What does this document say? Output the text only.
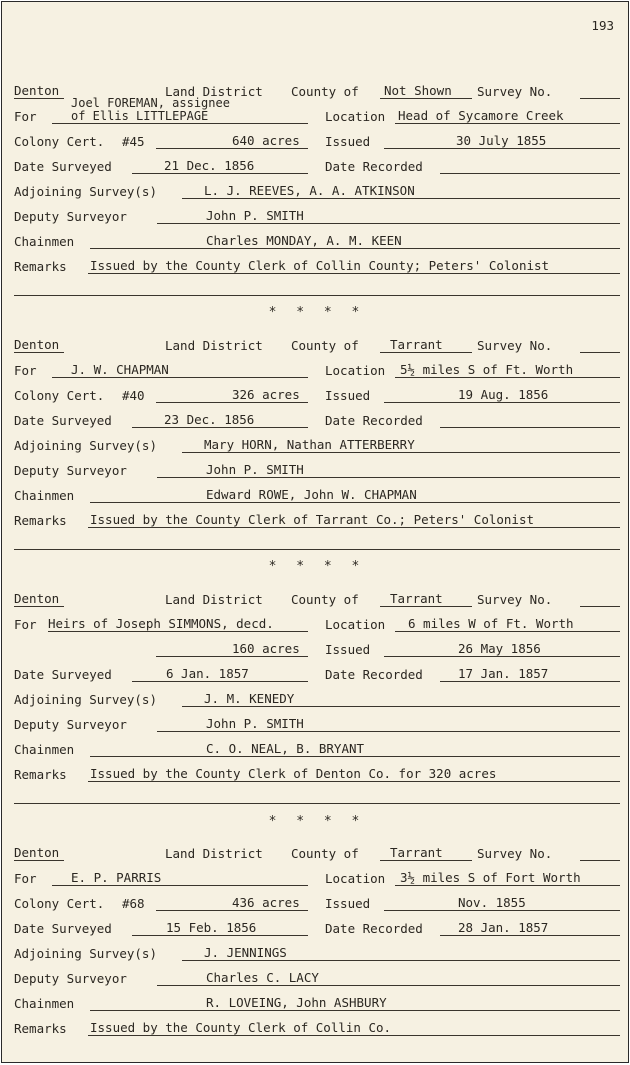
193
Denton	Land District County of Not Shown Survey No.
For
Joel FOREMAN, assignee
of Ellis LITTLEPAGE	Location Head of Sycamore Creek
Colony Cert. #45	640 acres Issued	30 July 1855
Date Surveyed	21 Dec. 1856	Date Recorded
Adjoining Survey(s)	L. J. REEVES, A. A. ATKINSON
Deputy Surveyor	John P. SMITH
Chainmen	Charles MONDAY, A. M. KEEN
Remarks Issued by the County Clerk of Collin County; Peters' Colonist
* * * *
Denton	Land District County of	Tarrant	Survey No.
For	J. W. CHAPMAN	Location 5½ miles S of Ft. Worth
Colony Cert. #40	326 acres Issued	19 Aug. 1856
Date Surveyed	23 Dec. 1856	Date Recorded
Adjoining Survey(s)	Mary HORN, Nathan ATTERBERRY
Deputy Surveyor	John P. SMITH
Chainmen	Edward ROWE, John W. CHAPMAN
Remarks Issued by the County Clerk of Tarrant Co.; Peters' Colonist
* * * *
Denton	Land District County of	Tarrant	Survey No.
For Heirs of Joseph SIMMONS, decd.	Location 6 miles W of Ft. Worth
160 acres Issued	26 May 1856
Date Surveyed	6 Jan. 1857	Date Recorded	17 Jan. 1857
Adjoining Survey(s)	J. M. KENEDY
Deputy Surveyor	John P. SMITH
Chainmen	C. O. NEAL, B. BRYANT
Remarks Issued by the County Clerk of Denton Co. for 320 acres
* * * *
Denton	Land District County of	Tarrant	Survey No.
For	E. P. PARRIS	Location 3½ miles S of Fort Worth
Colony Cert. #68	436 acres Issued	Nov. 1855
Date Surveyed	15 Feb. 1856	Date Recorded	28 Jan. 1857
Adjoining Survey(s)	J. JENNINGS
Deputy Surveyor	Charles C. LACY
Chainmen	R. LOVEING, John ASHBURY
Remarks Issued by the County Clerk of Collin Co.
